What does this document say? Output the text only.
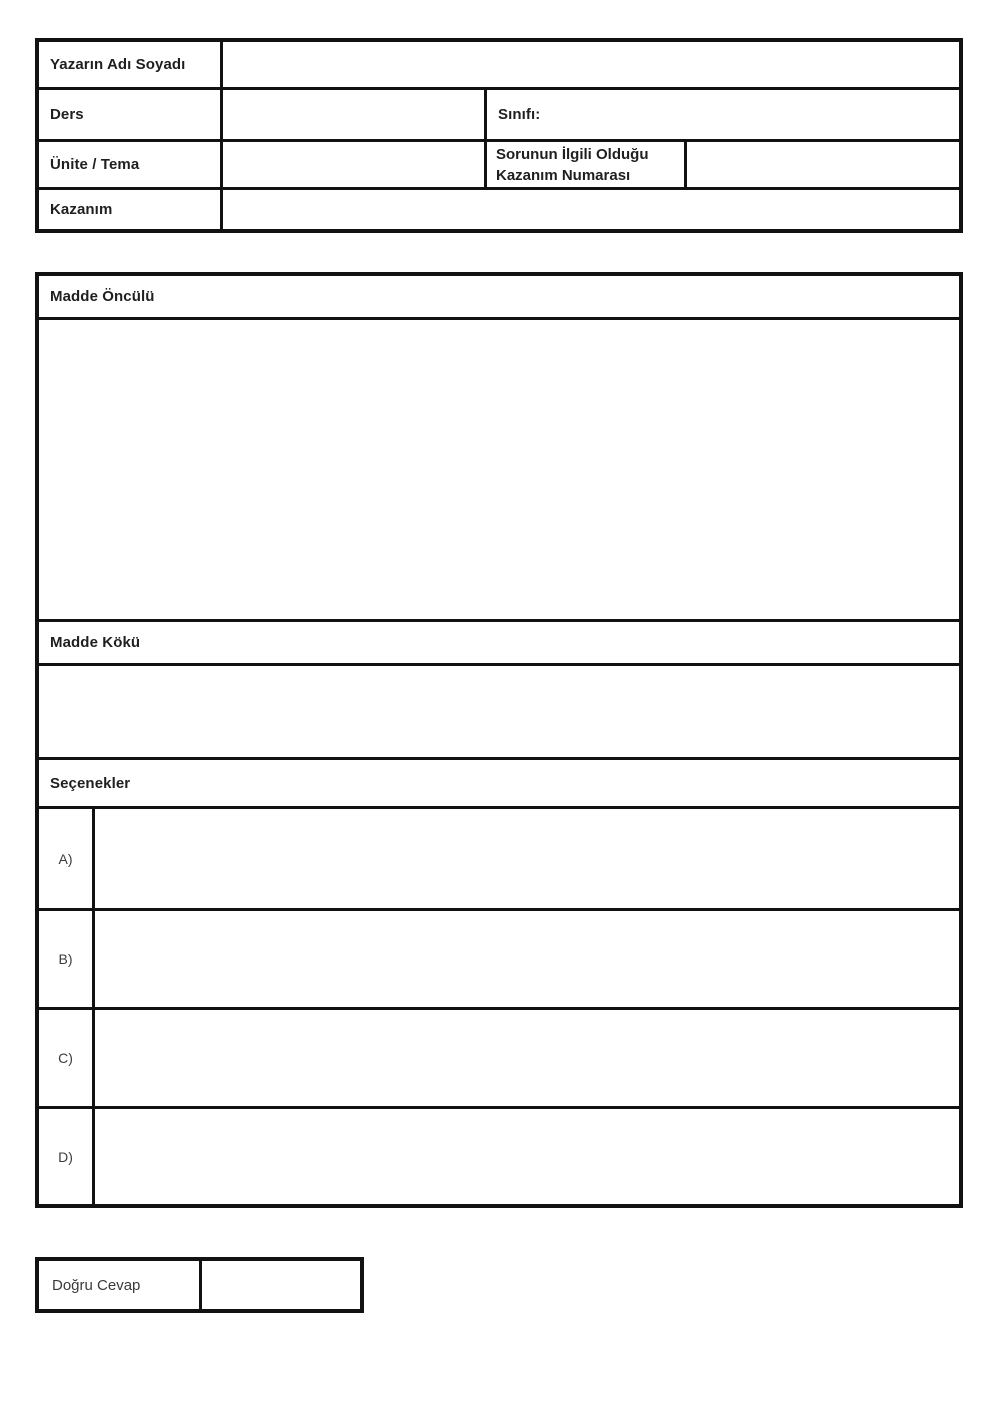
Yazarın Adı Soyadı
Ders	Sınıfı:
Ünite / Tema
Sorunun İlgili Olduğu Kazanım Numarası
Kazanım
Madde Öncülü
Madde Kökü
Seçenekler
A)
B)
C)
D)
Doğru Cevap
